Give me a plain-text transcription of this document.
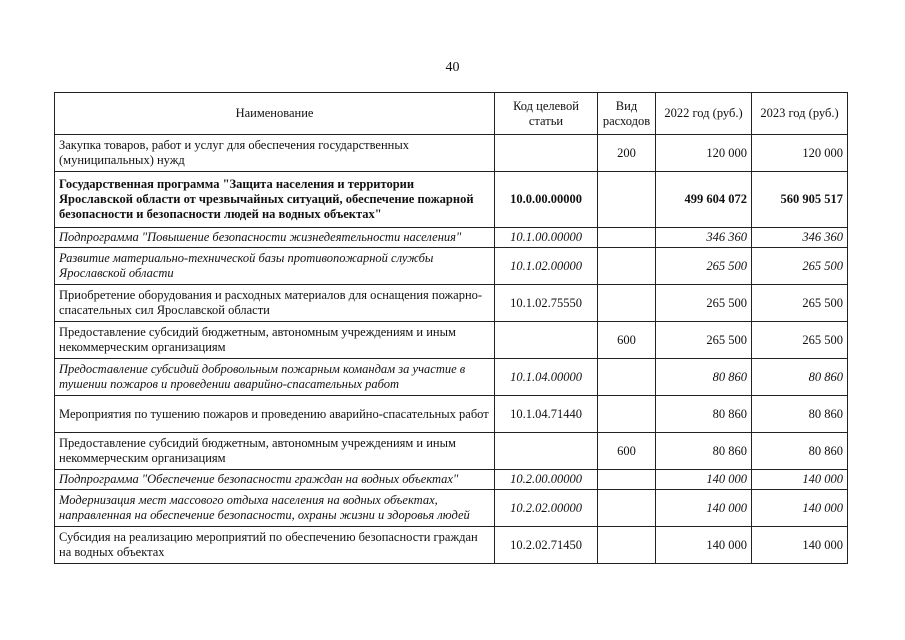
40
Наименование	Код целевой статьи	Вид расходов	2022 год (руб.)	2023 год (руб.)
Закупка товаров, работ и услуг для обеспечения государственных (муниципальных) нужд		200	120 000	120 000
Государственная программа "Защита населения и территории Ярославской области от чрезвычайных ситуаций, обеспечение пожарной безопасности и безопасности людей на водных объектах"	10.0.00.00000		499 604 072	560 905 517
Подпрограмма "Повышение безопасности жизнедеятельности населения"	10.1.00.00000		346 360	346 360
Развитие материально-технической базы противопожарной службы Ярославской области	10.1.02.00000		265 500	265 500
Приобретение оборудования и расходных материалов для оснащения пожарно-спасательных сил Ярославской области	10.1.02.75550		265 500	265 500
Предоставление субсидий бюджетным, автономным учреждениям и иным некоммерческим организациям		600	265 500	265 500
Предоставление субсидий добровольным пожарным командам за участие в тушении пожаров и проведении аварийно-спасательных работ	10.1.04.00000		80 860	80 860
Мероприятия по тушению пожаров и проведению аварийно-спасательных работ	10.1.04.71440		80 860	80 860
Предоставление субсидий бюджетным, автономным учреждениям и иным некоммерческим организациям		600	80 860	80 860
Подпрограмма "Обеспечение безопасности граждан на водных объектах"	10.2.00.00000		140 000	140 000
Модернизация мест массового отдыха населения на водных объектах, направленная на обеспечение безопасности, охраны жизни и здоровья людей	10.2.02.00000		140 000	140 000
Субсидия на реализацию мероприятий по обеспечению безопасности граждан на водных объектах	10.2.02.71450		140 000	140 000
